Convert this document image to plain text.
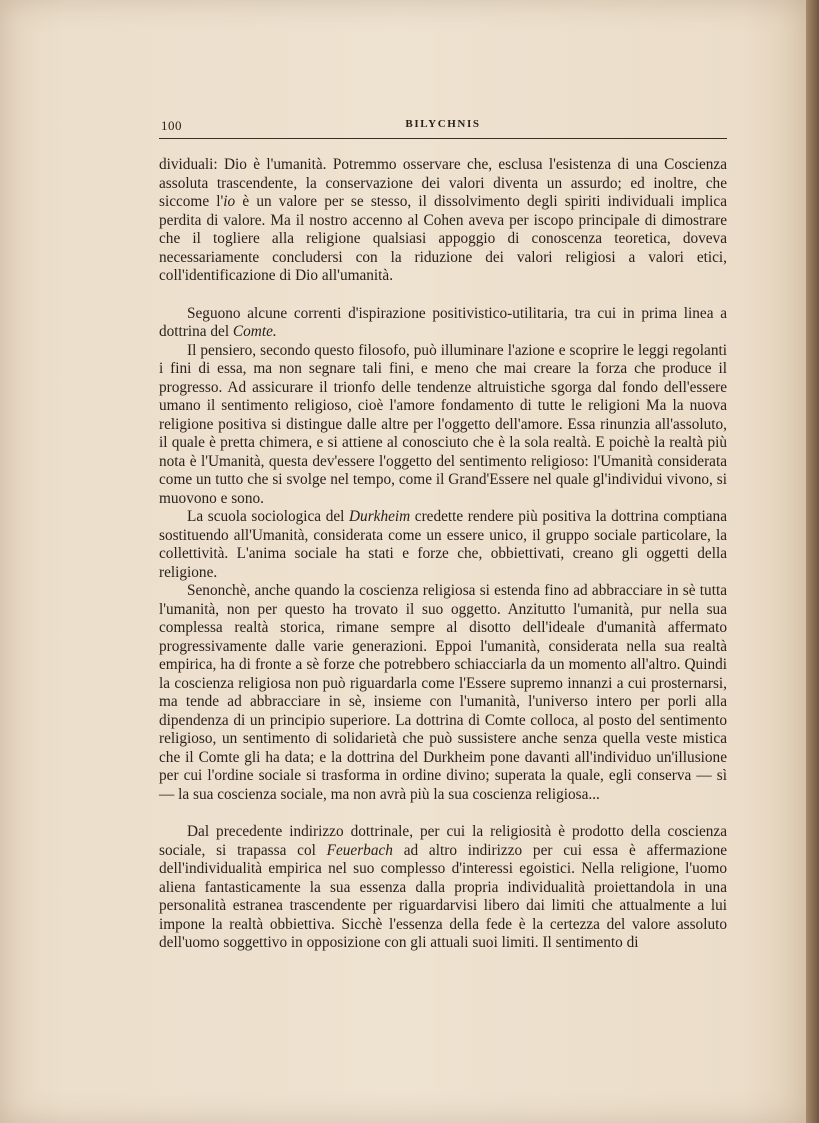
100	BILYCHNIS

dividuali: Dio è l'umanità. Potremmo osservare che, esclusa l'esistenza di una Coscienza assoluta trascendente, la conservazione dei valori diventa un assurdo; ed inoltre, che siccome l'io è un valore per se stesso, il dissolvimento degli spiriti individuali implica perdita di valore. Ma il nostro accenno al Cohen aveva per iscopo principale di dimostrare che il togliere alla religione qualsiasi appoggio di conoscenza teoretica, doveva necessariamente concludersi con la riduzione dei valori religiosi a valori etici, coll'identificazione di Dio all'umanità.

Seguono alcune correnti d'ispirazione positivistico-utilitaria, tra cui in prima linea a dottrina del Comte.

Il pensiero, secondo questo filosofo, può illuminare l'azione e scoprire le leggi regolanti i fini di essa, ma non segnare tali fini, e meno che mai creare la forza che produce il progresso. Ad assicurare il trionfo delle tendenze altruistiche sgorga dal fondo dell'essere umano il sentimento religioso, cioè l'amore fondamento di tutte le religioni Ma la nuova religione positiva si distingue dalle altre per l'oggetto dell'amore. Essa rinunzia all'assoluto, il quale è pretta chimera, e si attiene al conosciuto che è la sola realtà. E poichè la realtà più nota è l'Umanità, questa dev'essere l'oggetto del sentimento religioso: l'Umanità considerata come un tutto che si svolge nel tempo, come il Grand'Essere nel quale gl'individui vivono, si muovono e sono.

La scuola sociologica del Durkheim credette rendere più positiva la dottrina comptiana sostituendo all'Umanità, considerata come un essere unico, il gruppo sociale particolare, la collettività. L'anima sociale ha stati e forze che, obbiettivati, creano gli oggetti della religione.

Senonchè, anche quando la coscienza religiosa si estenda fino ad abbracciare in sè tutta l'umanità, non per questo ha trovato il suo oggetto. Anzitutto l'umanità, pur nella sua complessa realtà storica, rimane sempre al disotto dell'ideale d'umanità affermato progressivamente dalle varie generazioni. Eppoi l'umanità, considerata nella sua realtà empirica, ha di fronte a sè forze che potrebbero schiacciarla da un momento all'altro. Quindi la coscienza religiosa non può riguardarla come l'Essere supremo innanzi a cui prosternarsi, ma tende ad abbracciare in sè, insieme con l'umanità, l'universo intero per porli alla dipendenza di un principio superiore. La dottrina di Comte colloca, al posto del sentimento religioso, un sentimento di solidarietà che può sussistere anche senza quella veste mistica che il Comte gli ha data; e la dottrina del Durkheim pone davanti all'individuo un'illusione per cui l'ordine sociale si trasforma in ordine divino; superata la quale, egli conserva — sì — la sua coscienza sociale, ma non avrà più la sua coscienza religiosa...

Dal precedente indirizzo dottrinale, per cui la religiosità è prodotto della coscienza sociale, si trapassa col Feuerbach ad altro indirizzo per cui essa è affermazione dell'individualità empirica nel suo complesso d'interessi egoistici. Nella religione, l'uomo aliena fantasticamente la sua essenza dalla propria individualità proiettandola in una personalità estranea trascendente per riguardarvisi libero dai limiti che attualmente a lui impone la realtà obbiettiva. Sicchè l'essenza della fede è la certezza del valore assoluto dell'uomo soggettivo in opposizione con gli attuali suoi limiti. Il sentimento di
